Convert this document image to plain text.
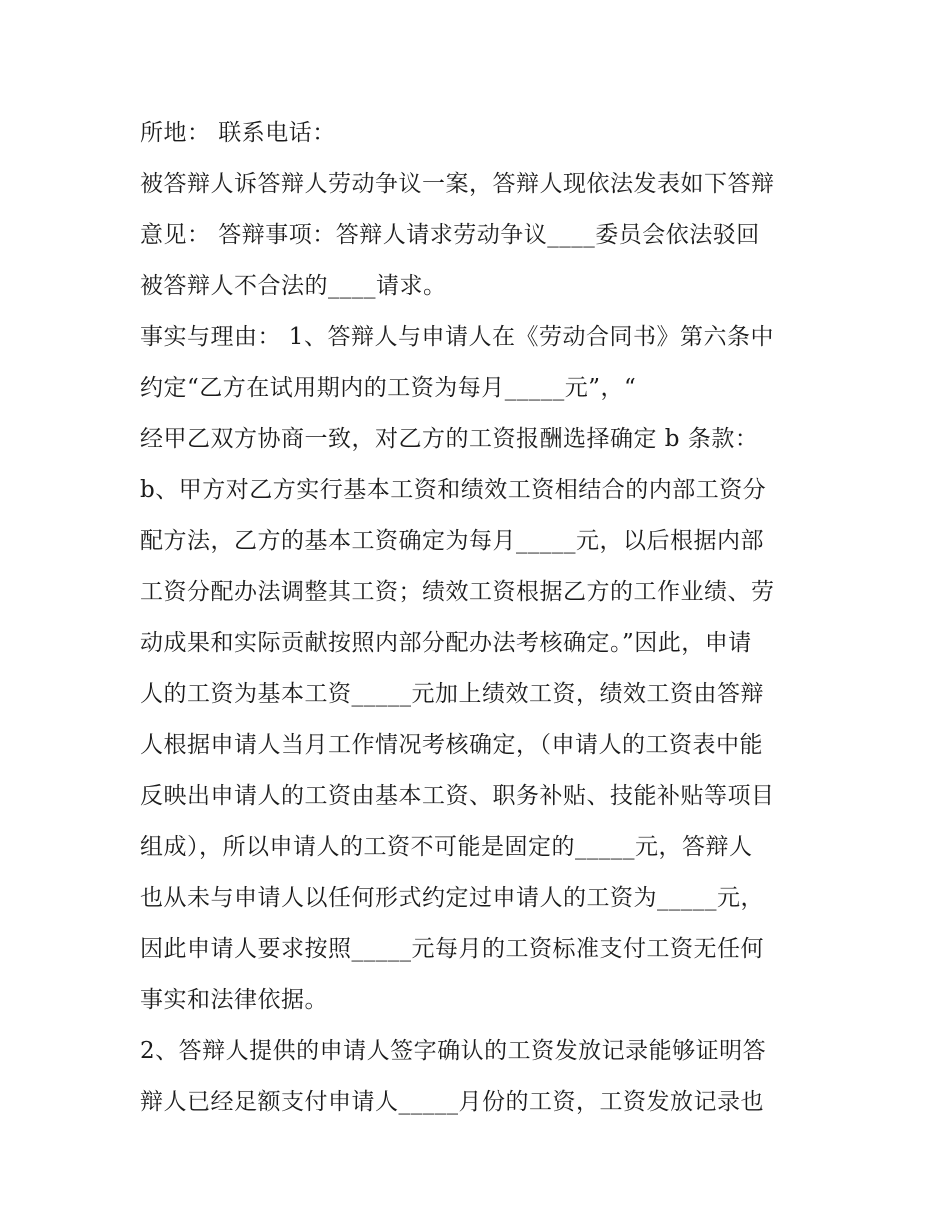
所地： 联系电话：
被答辩人诉答辩人劳动争议一案，答辩人现依法发表如下答辩
意见： 答辩事项：答辩人请求劳动争议____委员会依法驳回
被答辩人不合法的____请求。
事实与理由： 1、答辩人与申请人在《劳动合同书》第六条中
约定“乙方在试用期内的工资为每月_____元”，“
经甲乙双方协商一致，对乙方的工资报酬选择确定 b 条款：
b、甲方对乙方实行基本工资和绩效工资相结合的内部工资分
配方法，乙方的基本工资确定为每月_____元，以后根据内部
工资分配办法调整其工资；绩效工资根据乙方的工作业绩、劳
动成果和实际贡献按照内部分配办法考核确定。”因此，申请
人的工资为基本工资_____元加上绩效工资，绩效工资由答辩
人根据申请人当月工作情况考核确定，（申请人的工资表中能
反映出申请人的工资由基本工资、职务补贴、技能补贴等项目
组成），所以申请人的工资不可能是固定的_____元，答辩人
也从未与申请人以任何形式约定过申请人的工资为_____元，
因此申请人要求按照_____元每月的工资标准支付工资无任何
事实和法律依据。
2、答辩人提供的申请人签字确认的工资发放记录能够证明答
辩人已经足额支付申请人_____月份的工资，工资发放记录也
